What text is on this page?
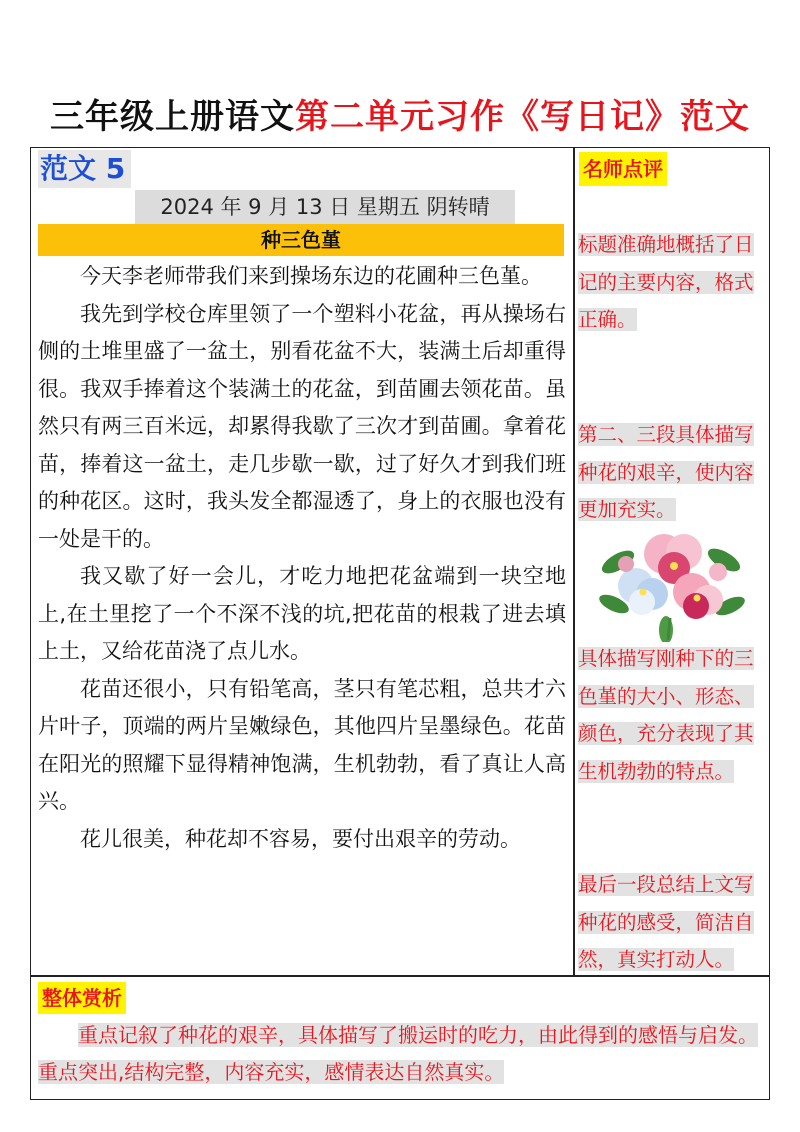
三年级上册语文第二单元习作《写日记》范文
范文 5
2024 年 9 月 13 日 星期五 阴转晴
种三色堇

今天李老师带我们来到操场东边的花圃种三色堇。

我先到学校仓库里领了一个塑料小花盆，再从操场右侧的土堆里盛了一盆土，别看花盆不大，装满土后却重得很。我双手捧着这个装满土的花盆，到苗圃去领花苗。虽然只有两三百米远，却累得我歇了三次才到苗圃。拿着花苗，捧着这一盆土，走几步歇一歇，过了好久才到我们班的种花区。这时，我头发全都湿透了，身上的衣服也没有一处是干的。

我又歇了好一会儿，才吃力地把花盆端到一块空地上,在土里挖了一个不深不浅的坑,把花苗的根栽了进去填上土，又给花苗浇了点儿水。

花苗还很小，只有铅笔高，茎只有笔芯粗，总共才六片叶子，顶端的两片呈嫩绿色，其他四片呈墨绿色。花苗在阳光的照耀下显得精神饱满，生机勃勃，看了真让人高兴。

花儿很美，种花却不容易，要付出艰辛的劳动。

名师点评
标题准确地概括了日记的主要内容，格式正确。
第二、三段具体描写种花的艰辛，使内容更加充实。
具体描写刚种下的三色堇的大小、形态、颜色，充分表现了其生机勃勃的特点。
最后一段总结上文写种花的感受，简洁自然，真实打动人。
整体赏析

重点记叙了种花的艰辛，具体描写了搬运时的吃力，由此得到的感悟与启发。重点突出,结构完整，内容充实，感情表达自然真实。
